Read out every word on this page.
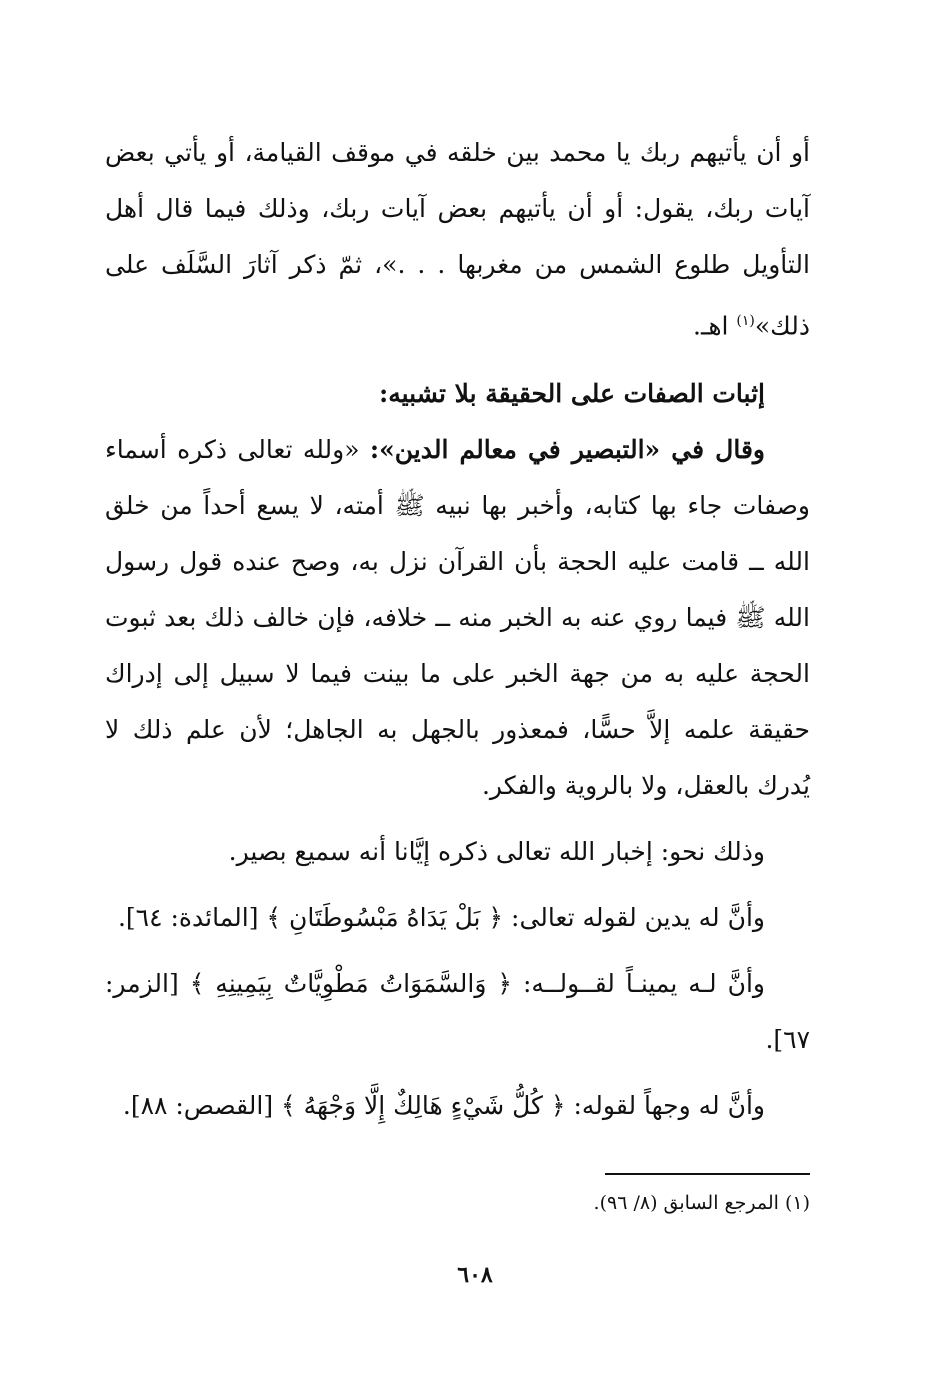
أو أن يأتيهم ربك يا محمد بين خلقه في موقف القيامة، أو يأتي بعض آيات ربك، يقول: أو أن يأتيهم بعض آيات ربك، وذلك فيما قال أهل التأويل طلوع الشمس من مغربها . . .»، ثمّ ذكر آثارَ السَّلَف على ذلك»$^{(١)}$ اهـ.

إثبات الصفات على الحقيقة بلا تشبيه:

وقال في «التبصير في معالم الدين»: «ولله تعالى ذكره أسماء وصفات جاء بها كتابه، وأخبر بها نبيه ﷺ أمته، لا يسع أحداً من خلق الله ــ قامت عليه الحجة بأن القرآن نزل به، وصح عنده قول رسول الله ﷺ فيما روي عنه به الخبر منه ــ خلافه، فإن خالف ذلك بعد ثبوت الحجة عليه به من جهة الخبر على ما بينت فيما لا سبيل إلى إدراك حقيقة علمه إلاَّ حسًّا، فمعذور بالجهل به الجاهل؛ لأن علم ذلك لا يُدرك بالعقل، ولا بالروية والفكر.

وذلك نحو: إخبار الله تعالى ذكره إيَّانا أنه سميع بصير.

وأنَّ له يدين لقوله تعالى: ﴿ بَلْ يَدَاهُ مَبْسُوطَتَانِ ﴾ [المائدة: ٦٤].

وأنَّ لـه يمينـاً لقــولــه: ﴿ وَالسَّمَوَاتُ مَطْوِيَّاتٌ بِيَمِينِهِ ﴾ [الزمر: ٦٧].

وأنَّ له وجهاً لقوله: ﴿ كُلُّ شَيْءٍ هَالِكٌ إِلَّا وَجْهَهُ ﴾ [القصص: ٨٨].

(١) المرجع السابق (٨/ ٩٦).
٦٠٨
